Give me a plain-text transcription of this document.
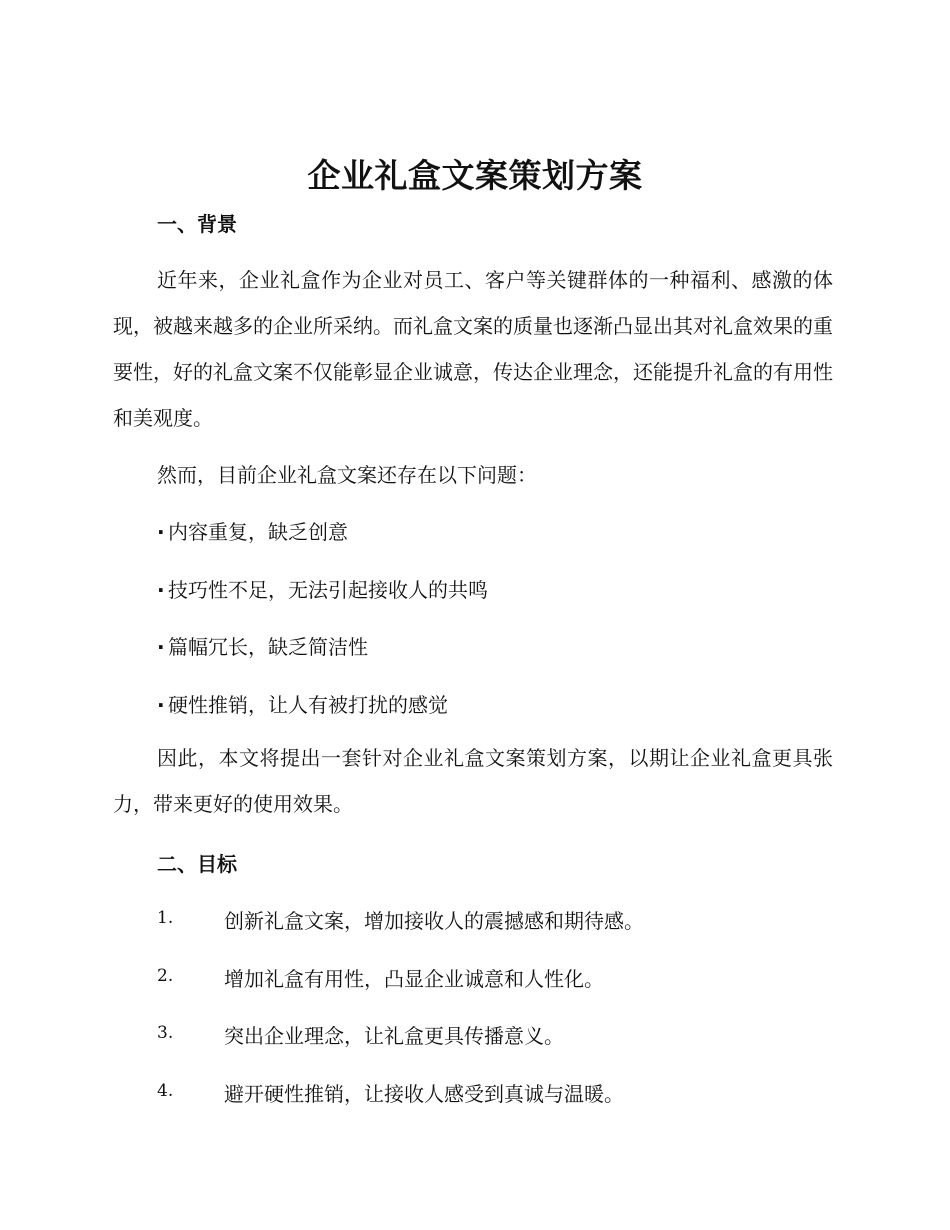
企业礼盒文案策划方案
一、背景

近年来，企业礼盒作为企业对员工、客户等关键群体的一种福利、感激的体现，被越来越多的企业所采纳。而礼盒文案的质量也逐渐凸显出其对礼盒效果的重要性，好的礼盒文案不仅能彰显企业诚意，传达企业理念，还能提升礼盒的有用性和美观度。

然而，目前企业礼盒文案还存在以下问题：
· 内容重复，缺乏创意
· 技巧性不足，无法引起接收人的共鸣
· 篇幅冗长，缺乏简洁性
· 硬性推销，让人有被打扰的感觉

因此，本文将提出一套针对企业礼盒文案策划方案，以期让企业礼盒更具张力，带来更好的使用效果。

二、目标
1.	创新礼盒文案，增加接收人的震撼感和期待感。
2.	增加礼盒有用性，凸显企业诚意和人性化。
3.	突出企业理念，让礼盒更具传播意义。
4.	避开硬性推销，让接收人感受到真诚与温暖。
